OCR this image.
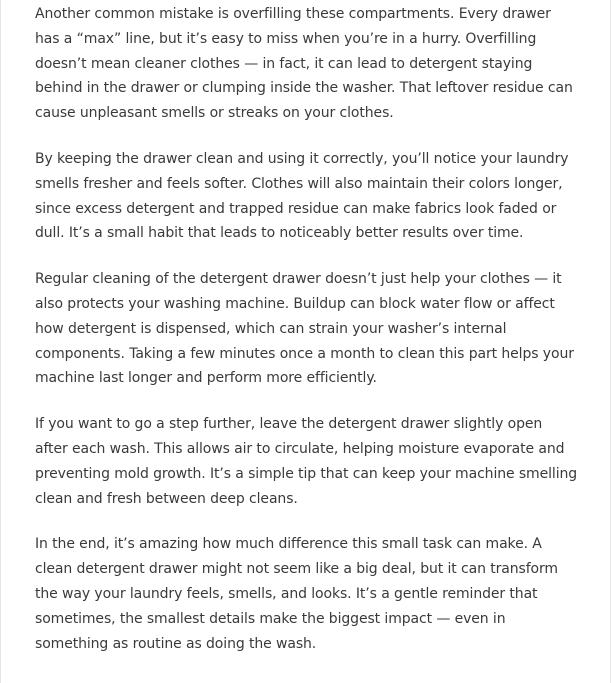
Another common mistake is overfilling these compartments. Every drawer has a “max” line, but it’s easy to miss when you’re in a hurry. Overfilling doesn’t mean cleaner clothes — in fact, it can lead to detergent staying behind in the drawer or clumping inside the washer. That leftover residue can cause unpleasant smells or streaks on your clothes.

By keeping the drawer clean and using it correctly, you’ll notice your laundry smells fresher and feels softer. Clothes will also maintain their colors longer, since excess detergent and trapped residue can make fabrics look faded or dull. It’s a small habit that leads to noticeably better results over time.

Regular cleaning of the detergent drawer doesn’t just help your clothes — it also protects your washing machine. Buildup can block water flow or affect how detergent is dispensed, which can strain your washer’s internal components. Taking a few minutes once a month to clean this part helps your machine last longer and perform more efficiently.

If you want to go a step further, leave the detergent drawer slightly open after each wash. This allows air to circulate, helping moisture evaporate and preventing mold growth. It’s a simple tip that can keep your machine smelling clean and fresh between deep cleans.

In the end, it’s amazing how much difference this small task can make. A clean detergent drawer might not seem like a big deal, but it can transform the way your laundry feels, smells, and looks. It’s a gentle reminder that sometimes, the smallest details make the biggest impact — even in something as routine as doing the wash.
